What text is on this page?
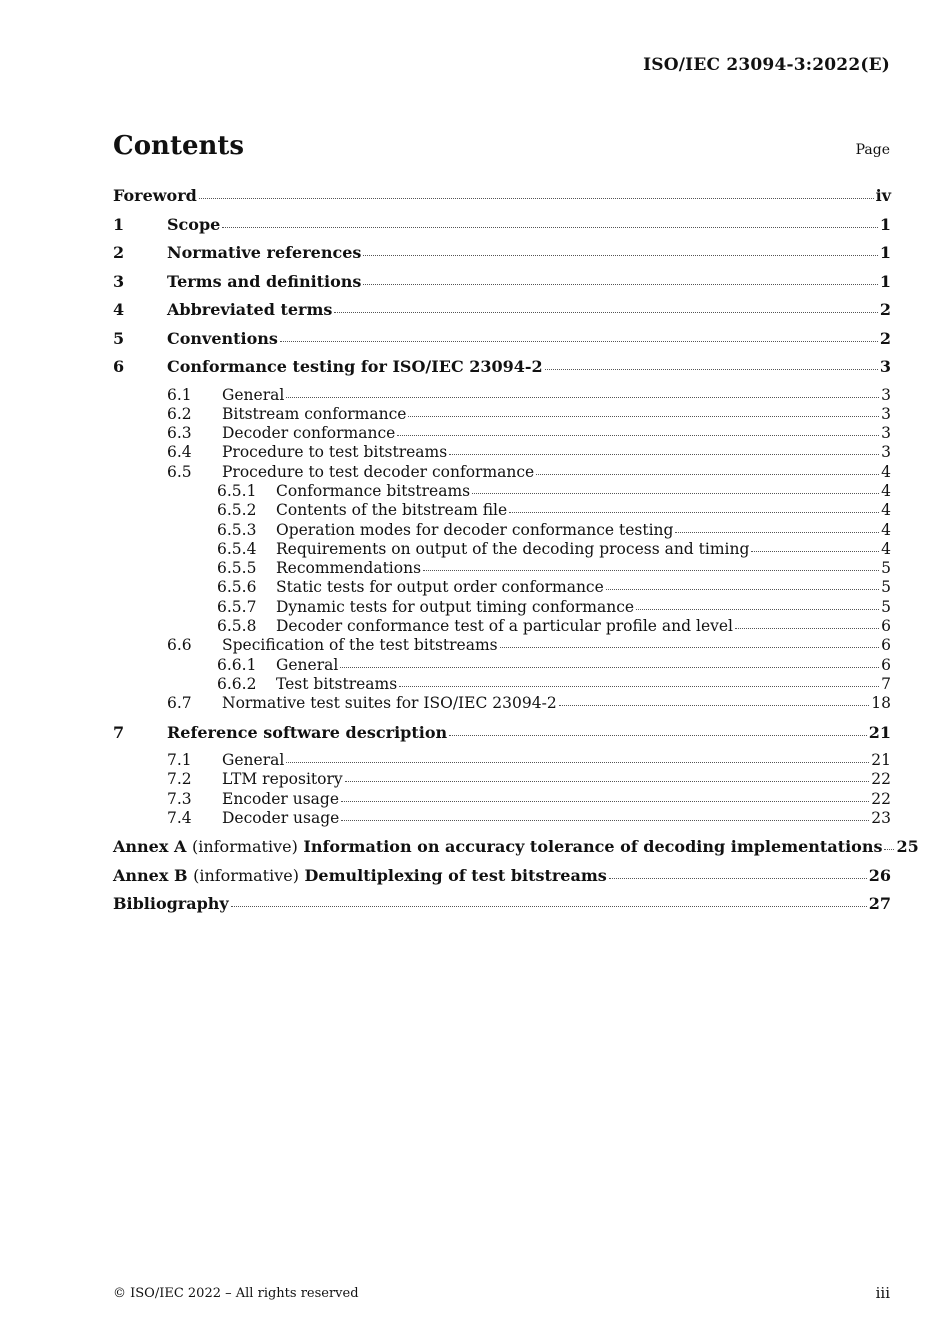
ISO/IEC 23094-3:2022(E)
Contents	Page
Foreword	iv
1	Scope	1
2	Normative references	1
3	Terms and definitions	1
4	Abbreviated terms	2
5	Conventions	2
6	Conformance testing for ISO/IEC 23094-2	3
6.1	General	3
6.2	Bitstream conformance	3
6.3	Decoder conformance	3
6.4	Procedure to test bitstreams	3
6.5	Procedure to test decoder conformance	4
6.5.1	Conformance bitstreams	4
6.5.2	Contents of the bitstream file	4
6.5.3	Operation modes for decoder conformance testing	4
6.5.4	Requirements on output of the decoding process and timing	4
6.5.5	Recommendations	5
6.5.6	Static tests for output order conformance	5
6.5.7	Dynamic tests for output timing conformance	5
6.5.8	Decoder conformance test of a particular profile and level	6
6.6	Specification of the test bitstreams	6
6.6.1	General	6
6.6.2	Test bitstreams	7
6.7	Normative test suites for ISO/IEC 23094-2	18
7	Reference software description	21
7.1	General	21
7.2	LTM repository	22
7.3	Encoder usage	22
7.4	Decoder usage	23
Annex A (informative) Information on accuracy tolerance of decoding implementations 25
Annex B (informative) Demultiplexing of test bitstreams	26
Bibliography	27
© ISO/IEC 2022 – All rights reserved	iii
